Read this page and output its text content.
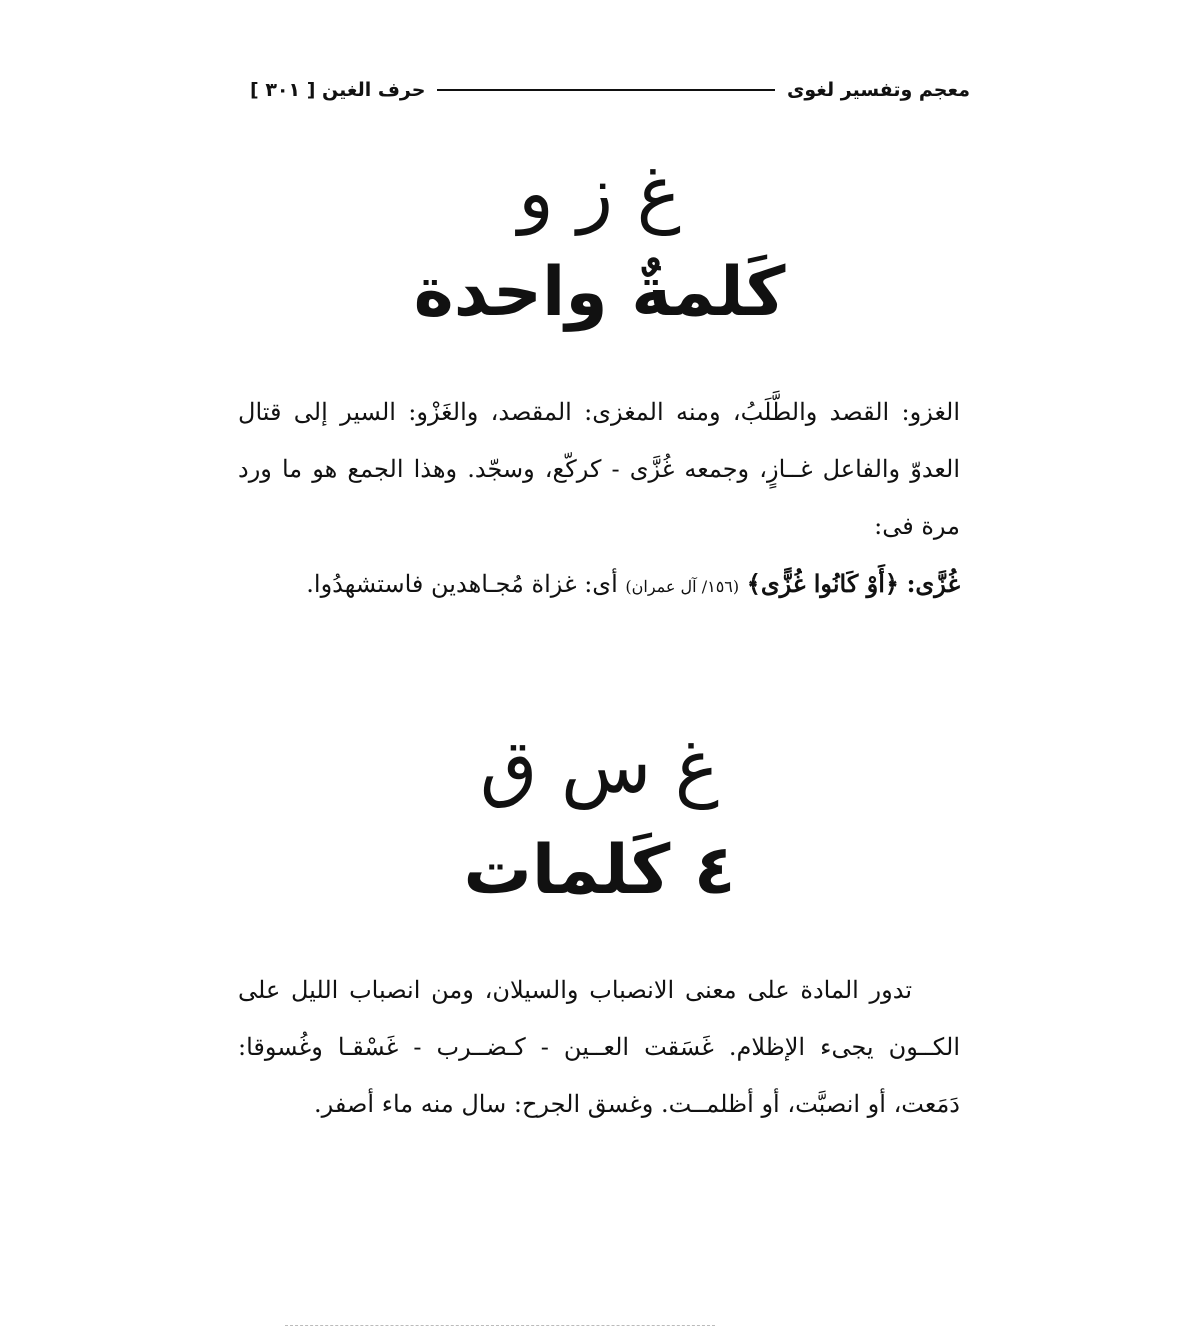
معجم وتفسير لغوى
حرف الغين [ ٣٠١ ]
غ ز و
كَلمةٌ واحدة

الغزو: القصد والطَّلَبُ، ومنه المغزى: المقصد، والغَزْو: السير إلى قتال العدوّ والفاعل غــازٍ، وجمعه غُزَّى - كركّع، وسجّد. وهذا الجمع هو ما ورد مرة فى:

غُزَّى: ﴿أَوْ كَانُوا غُزًّى﴾ (١٥٦/ آل عمران) أى: غزاة مُجـاهدين فاستشهدُوا.

غ س ق
٤ كَلمات

تدور المادة على معنى الانصباب والسيلان، ومن انصباب الليل على الكــون يجىء الإظلام. غَسَقت العــين - كـضــرب - غَسْقـا وغُسوقا: دَمَعت، أو انصبَّت، أو أظلمــت. وغسق الجرح: سال منه ماء أصفر.
